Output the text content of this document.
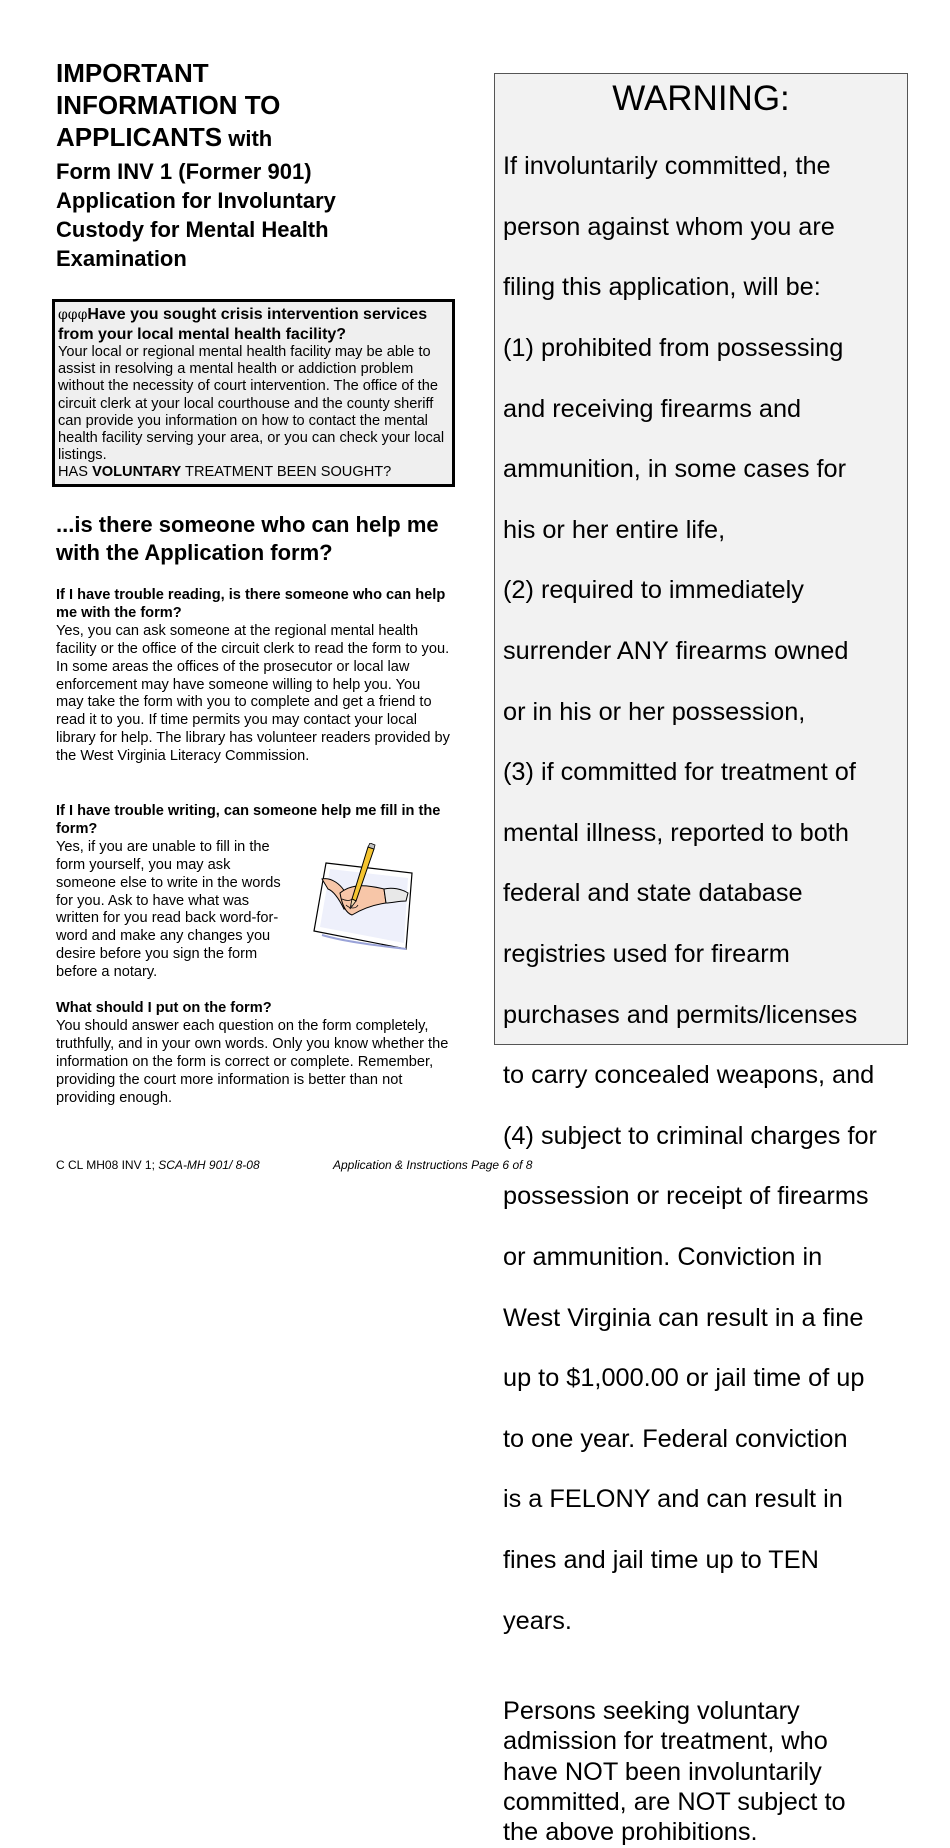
IMPORTANT
INFORMATION TO
APPLICANTS with
Form INV 1 (Former 901)
Application for Involuntary
Custody for Mental Health
Examination
φφφHave you sought crisis intervention services from your local mental health facility?
Your local or regional mental health facility may be able to assist in resolving a mental health or addiction problem without the necessity of court intervention. The office of the circuit clerk at your local courthouse and the county sheriff can provide you information on how to contact the mental health facility serving your area, or you can check your local listings.
HAS VOLUNTARY TREATMENT BEEN SOUGHT?
...is there someone who can help me with the Application form?
If I have trouble reading, is there someone who can help me with the form?

Yes, you can ask someone at the regional mental health facility or the office of the circuit clerk to read the form to you. In some areas the offices of the prosecutor or local law enforcement may have someone willing to help you. You may take the form with you to complete and get a friend to read it to you. If time permits you may contact your local library for help. The library has volunteer readers provided by the West Virginia Literacy Commission.

If I have trouble writing, can someone help me fill in the form?
Yes, if you are unable to fill in the
form yourself, you may ask
someone else to write in the words
for you. Ask to have what was
written for you read back word-for-
word and make any changes you
desire before you sign the form
before a notary.
What should I put on the form?

You should answer each question on the form completely, truthfully, and in your own words. Only you know whether the information on the form is correct or complete. Remember, providing the court more information is better than not providing enough.

WARNING:

If involuntarily committed, the

person against whom you are

filing this application, will be:

(1) prohibited from possessing

and receiving firearms and

ammunition, in some cases for

his or her entire life,

(2) required to immediately

surrender ANY firearms owned

or in his or her possession,

(3) if committed for treatment of

mental illness, reported to both

federal and state database

registries used for firearm

purchases and permits/licenses

to carry concealed weapons, and

(4) subject to criminal charges for

possession or receipt of firearms

or ammunition. Conviction in

West Virginia can result in a fine

up to $1,000.00 or jail time of up

to one year. Federal conviction

is a FELONY and can result in

fines and jail time up to TEN

years.

Persons seeking voluntary
admission for treatment, who
have NOT been involuntarily
committed, are NOT subject to
the above prohibitions.
C CL MH08 INV 1; SCA-MH 901/ 8-08	Application & Instructions Page 6 of 8
